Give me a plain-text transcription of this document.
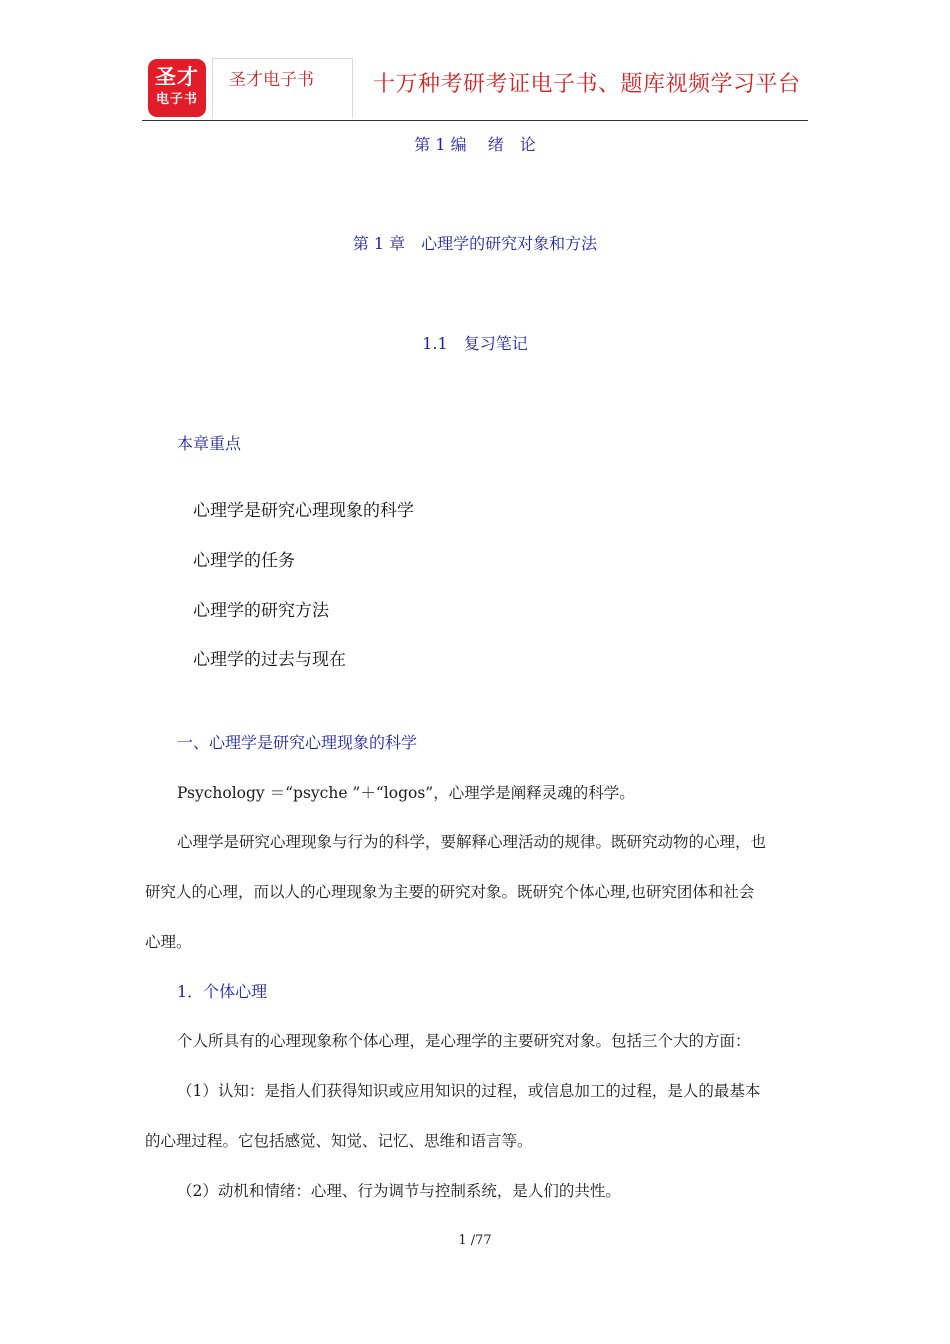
圣才
电子书
圣才电子书	十万种考研考证电子书、题库视频学习平台
第 1 编　 绪　论
第 1 章　心理学的研究对象和方法
1.1　复习笔记
本章重点
心理学是研究心理现象的科学
心理学的任务
心理学的研究方法
心理学的过去与现在
一、心理学是研究心理现象的科学
Psychology ＝“psyche ”＋“logos”，心理学是阐释灵魂的科学。
心理学是研究心理现象与行为的科学，要解释心理活动的规律。既研究动物的心理，也
研究人的心理，而以人的心理现象为主要的研究对象。既研究个体心理,也研究团体和社会
心理。
1．个体心理
个人所具有的心理现象称个体心理，是心理学的主要研究对象。包括三个大的方面：
（1）认知：是指人们获得知识或应用知识的过程，或信息加工的过程，是人的最基本
的心理过程。它包括感觉、知觉、记忆、思维和语言等。
（2）动机和情绪：心理、行为调节与控制系统，是人们的共性。
1 /77
